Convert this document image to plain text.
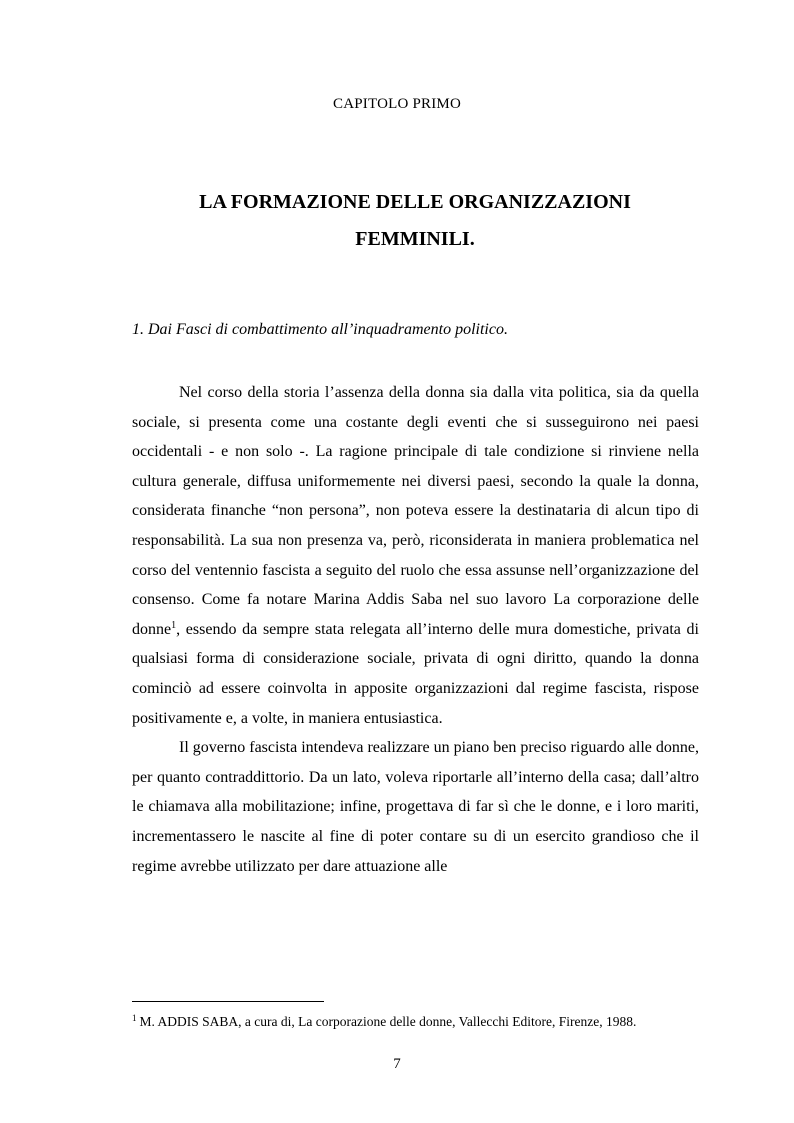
CAPITOLO PRIMO
LA FORMAZIONE DELLE ORGANIZZAZIONI
FEMMINILI.
1. Dai Fasci di combattimento all’inquadramento politico.

Nel corso della storia l’assenza della donna sia dalla vita politica, sia da quella sociale, si presenta come una costante degli eventi che si susseguirono nei paesi occidentali - e non solo -. La ragione principale di tale condizione si rinviene nella cultura generale, diffusa uniformemente nei diversi paesi, secondo la quale la donna, considerata finanche “non persona”, non poteva essere la destinataria di alcun tipo di responsabilità. La sua non presenza va, però, riconsiderata in maniera problematica nel corso del ventennio fascista a seguito del ruolo che essa assunse nell’organizzazione del consenso. Come fa notare Marina Addis Saba nel suo lavoro La corporazione delle donne$^1$, essendo da sempre stata relegata all’interno delle mura domestiche, privata di qualsiasi forma di considerazione sociale, privata di ogni diritto, quando la donna cominciò ad essere coinvolta in apposite organizzazioni dal regime fascista, rispose positivamente e, a volte, in maniera entusiastica.

Il governo fascista intendeva realizzare un piano ben preciso riguardo alle donne, per quanto contraddittorio. Da un lato, voleva riportarle all’interno della casa; dall’altro le chiamava alla mobilitazione; infine, progettava di far sì che le donne, e i loro mariti, incrementassero le nascite al fine di poter contare su di un esercito grandioso che il regime avrebbe utilizzato per dare attuazione alle

$^1$ M. ADDIS SABA, a cura di, La corporazione delle donne, Vallecchi Editore, Firenze, 1988.
7
